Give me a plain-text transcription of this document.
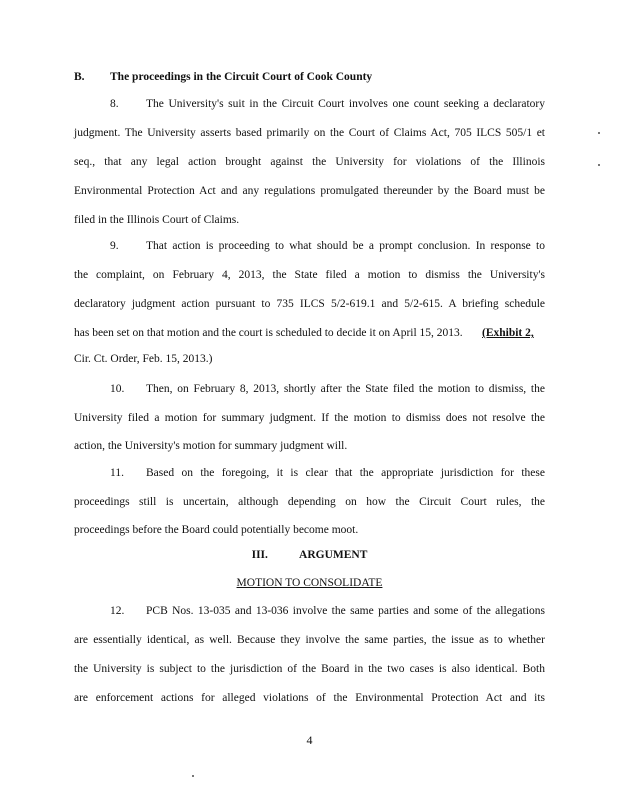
B. The proceedings in the Circuit Court of Cook County
8. The University's suit in the Circuit Court involves one count seeking a declaratory
judgment. The University asserts based primarily on the Court of Claims Act, 705 ILCS 505/1 et
seq., that any legal action brought against the University for violations of the Illinois
Environmental Protection Act and any regulations promulgated thereunder by the Board must be
filed in the Illinois Court of Claims.
9. That action is proceeding to what should be a prompt conclusion. In response to
the complaint, on February 4, 2013, the State filed a motion to dismiss the University's
declaratory judgment action pursuant to 735 ILCS 5/2-619.1 and 5/2-615. A briefing schedule
has been set on that motion and the court is scheduled to decide it on April 15, 2013.	(Exhibit 2,
Cir. Ct. Order, Feb. 15, 2013.)
10. Then, on February 8, 2013, shortly after the State filed the motion to dismiss, the
University filed a motion for summary judgment. If the motion to dismiss does not resolve the
action, the University's motion for summary judgment will.
11. Based on the foregoing, it is clear that the appropriate jurisdiction for these
proceedings still is uncertain, although depending on how the Circuit Court rules, the
proceedings before the Board could potentially become moot.
III.	ARGUMENT
MOTION TO CONSOLIDATE
12. PCB Nos. 13-035 and 13-036 involve the same parties and some of the allegations
are essentially identical, as well. Because they involve the same parties, the issue as to whether
the University is subject to the jurisdiction of the Board in the two cases is also identical. Both
are enforcement actions for alleged violations of the Environmental Protection Act and its
4
